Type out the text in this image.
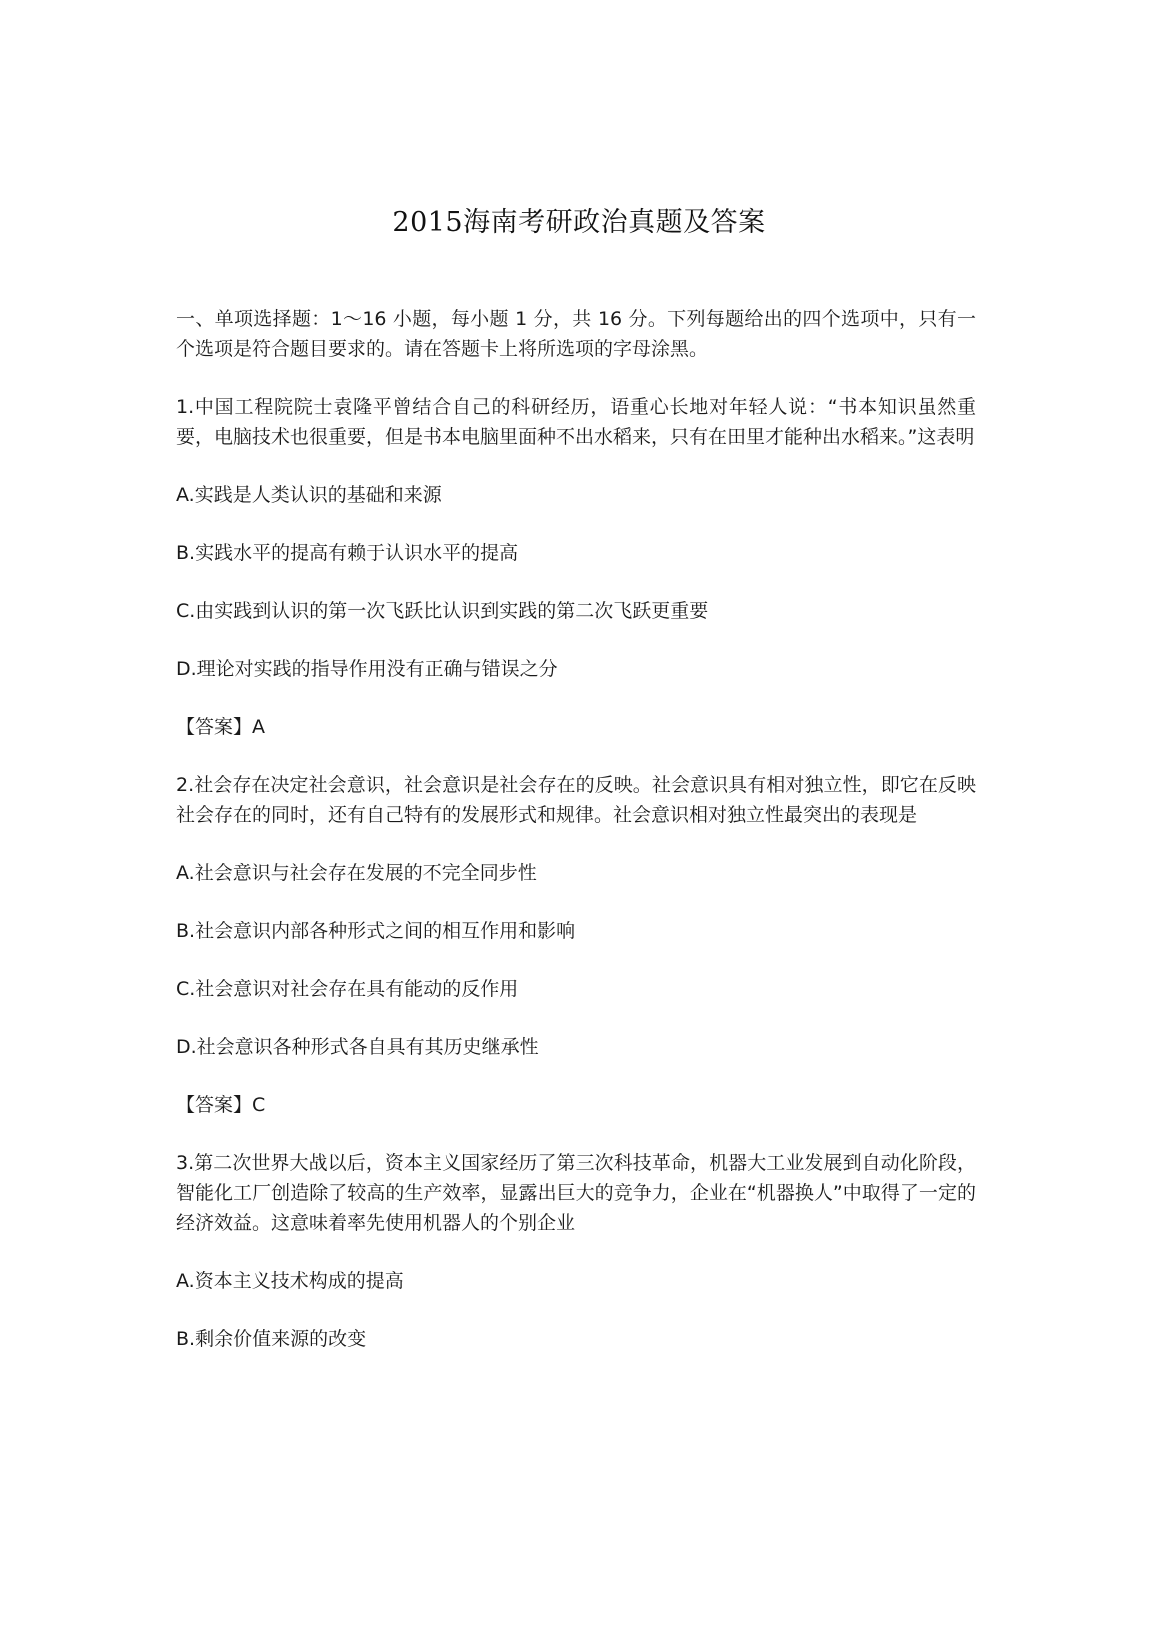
2015海南考研政治真题及答案

一、单项选择题：1～16 小题，每小题 1 分，共 16 分。下列每题给出的四个选项中，只有一个选项是符合题目要求的。请在答题卡上将所选项的字母涂黑。

1.中国工程院院士袁隆平曾结合自己的科研经历，语重心长地对年轻人说：“书本知识虽然重要，电脑技术也很重要，但是书本电脑里面种不出水稻来，只有在田里才能种出水稻来。”这表明

A.实践是人类认识的基础和来源

B.实践水平的提高有赖于认识水平的提高

C.由实践到认识的第一次飞跃比认识到实践的第二次飞跃更重要

D.理论对实践的指导作用没有正确与错误之分

【答案】A

2.社会存在决定社会意识，社会意识是社会存在的反映。社会意识具有相对独立性，即它在反映社会存在的同时，还有自己特有的发展形式和规律。社会意识相对独立性最突出的表现是

A.社会意识与社会存在发展的不完全同步性

B.社会意识内部各种形式之间的相互作用和影响

C.社会意识对社会存在具有能动的反作用

D.社会意识各种形式各自具有其历史继承性

【答案】C

3.第二次世界大战以后，资本主义国家经历了第三次科技革命，机器大工业发展到自动化阶段，智能化工厂创造除了较高的生产效率，显露出巨大的竞争力，企业在“机器换人”中取得了一定的经济效益。这意味着率先使用机器人的个别企业

A.资本主义技术构成的提高

B.剩余价值来源的改变
